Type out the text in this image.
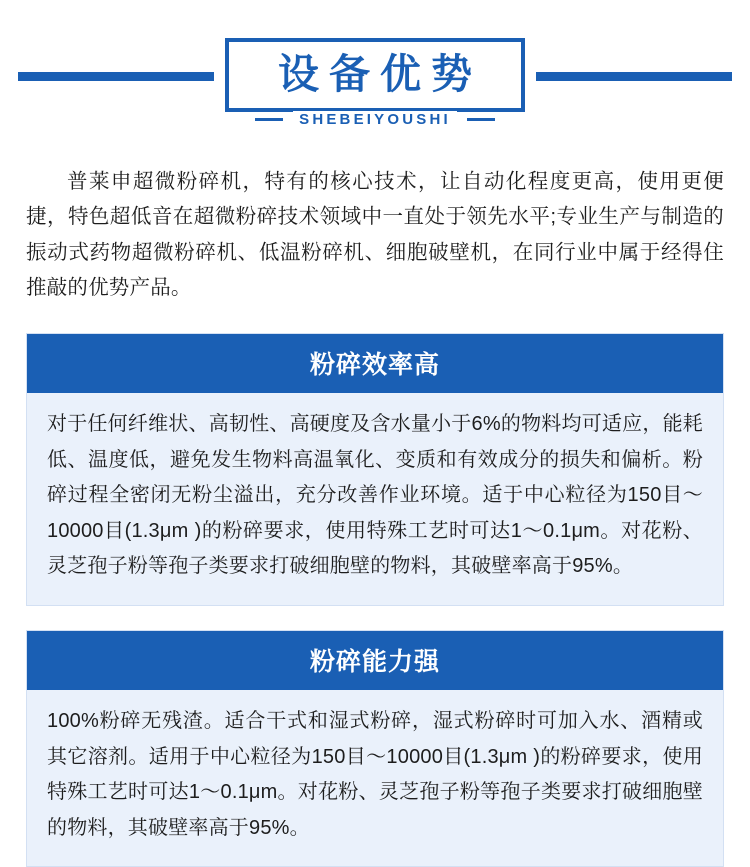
设备优势
SHEBEIYOUSHI

普莱申超微粉碎机，特有的核心技术，让自动化程度更高，使用更便捷，特色超低音在超微粉碎技术领域中一直处于领先水平;专业生产与制造的振动式药物超微粉碎机、低温粉碎机、细胞破壁机，在同行业中属于经得住推敲的优势产品。

粉碎效率高
对于任何纤维状、高韧性、高硬度及含水量小于6%的物料均可适应，能耗低、温度低，避免发生物料高温氧化、变质和有效成分的损失和偏析。粉碎过程全密闭无粉尘溢出，充分改善作业环境。适于中心粒径为150目～10000目(1.3μm )的粉碎要求，使用特殊工艺时可达1～0.1μm。对花粉、灵芝孢子粉等孢子类要求打破细胞壁的物料，其破壁率高于95%。
粉碎能力强
100%粉碎无残渣。适合干式和湿式粉碎，湿式粉碎时可加入水、酒精或其它溶剂。适用于中心粒径为150目～10000目(1.3μm )的粉碎要求，使用特殊工艺时可达1～0.1μm。对花粉、灵芝孢子粉等孢子类要求打破细胞壁的物料，其破壁率高于95%。
